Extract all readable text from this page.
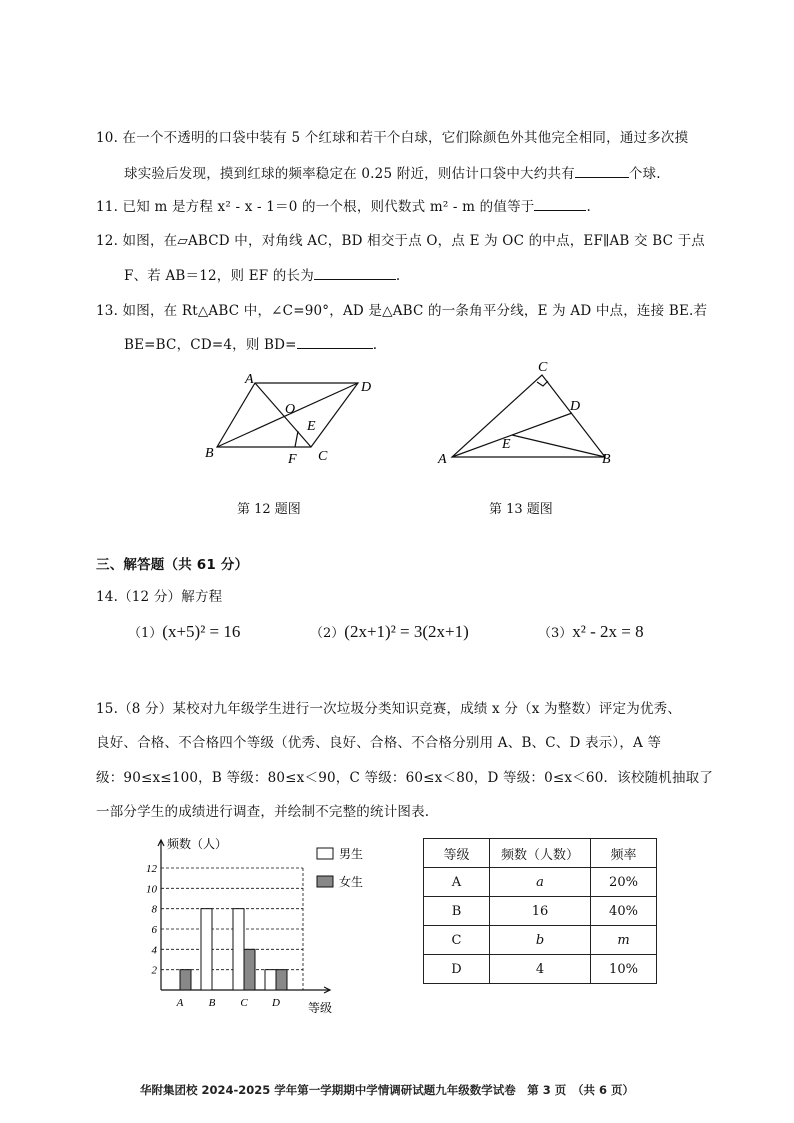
10. 在一个不透明的口袋中装有 5 个红球和若干个白球，它们除颜色外其他完全相同，通过多次摸
球实验后发现，摸到红球的频率稳定在 0.25 附近，则估计口袋中大约共有	个球.
11. 已知 m 是方程 x² - x - 1＝0 的一个根，则代数式 m² - m 的值等于	.
12. 如图，在▱ABCD 中，对角线 AC，BD 相交于点 O，点 E 为 OC 的中点，EF∥AB 交 BC 于点
F、若 AB＝12，则 EF 的长为	.
13. 如图，在 Rt△ABC 中，∠C=90°，AD 是△ABC 的一条角平分线，E 为 AD 中点，连接 BE.若
BE=BC，CD=4，则 BD=	.
A
D
B	C
O
E
F
第 12 题图
C
D
A	B
E
第 13 题图
三、解答题（共 61 分）
14.（12 分）解方程
（1）(x+5)² = 16	（2）(2x+1)² = 3(2x+1)	（3）x² - 2x = 8
15.（8 分）某校对九年级学生进行一次垃圾分类知识竞赛，成绩 x 分（x 为整数）评定为优秀、
良好、合格、不合格四个等级（优秀、良好、合格、不合格分别用 A、B、C、D 表示），A 等
级：90≤x≤100，B 等级：80≤x＜90，C 等级：60≤x＜80，D 等级：0≤x＜60．该校随机抽取了
一部分学生的成绩进行调查，并绘制不完整的统计图表.
频数（人）
等级
2
4
6
8
10
12
A B C D
男生
女生
等级	频数（人数）	频率
A	a	20%
B	16	40%
C	b	m
D	4	10%
华附集团校 2024-2025 学年第一学期期中学情调研试题九年级数学试卷　第 3 页　（共 6 页）
